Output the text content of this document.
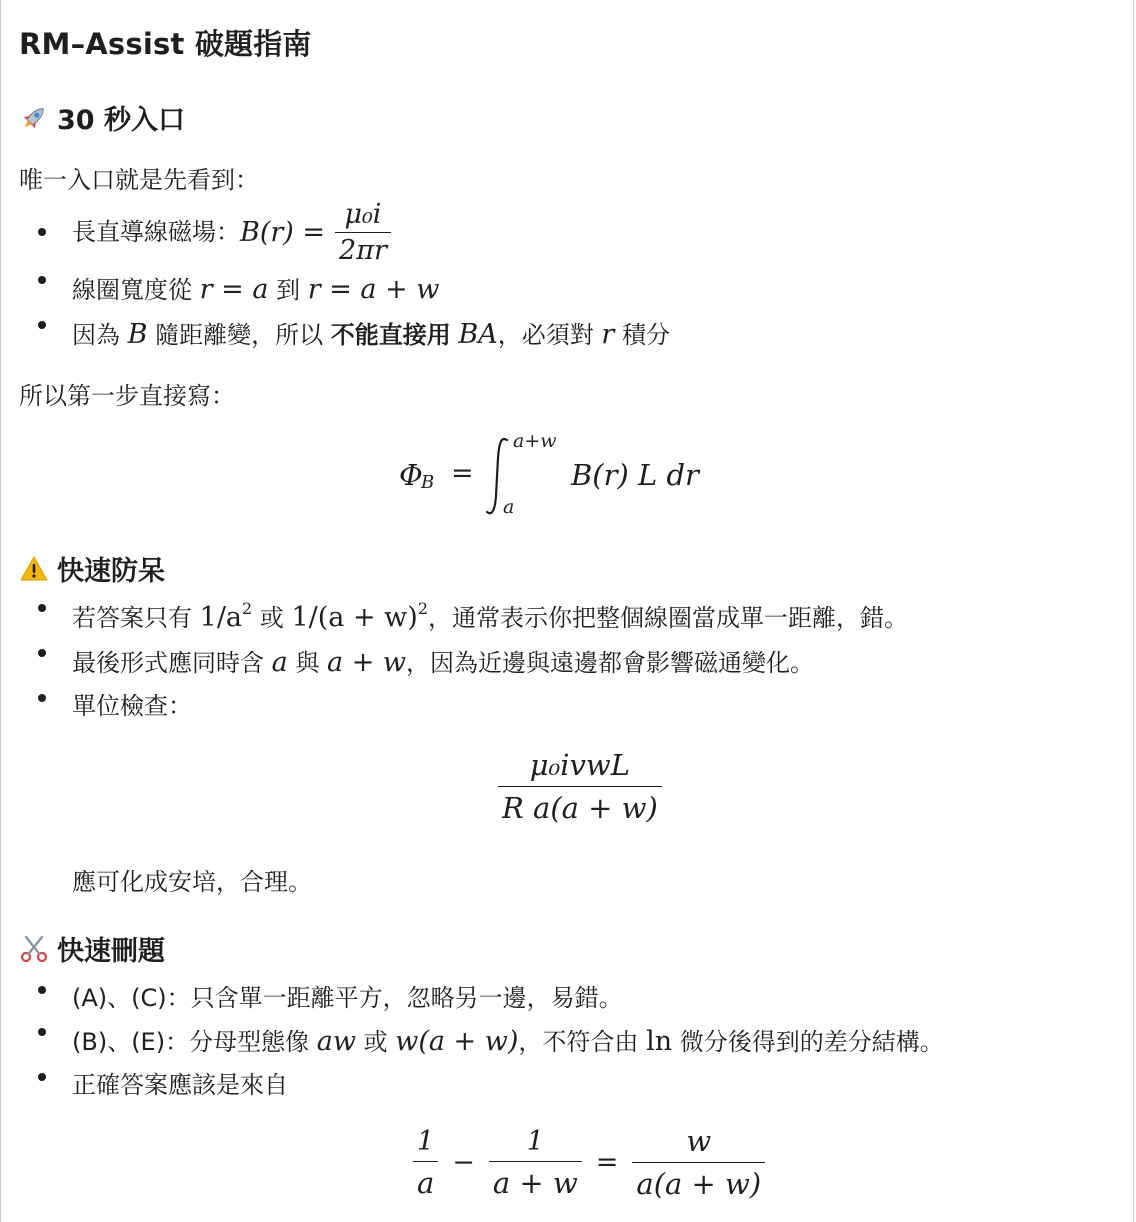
RM–Assist 破題指南
30 秒入口
唯一入口就是先看到：
長直導線磁場： $B(r) = \frac{\text{μ₀i}}{2\pi r}$
線圈寬度從 r = a 到 r = a + w
因為 B 隨距離變，所以 不能直接用 BA，必須對 r 積分
所以第一步直接寫：
Φ
B =
a+w
a
B(r) L dr
快速防呆
若答案只有 $1/a^2$ 或 $1/(a + w)^2$，通常表示你把整個線圈當成單一距離，錯。
最後形式應同時含 a 與 a + w，因為近邊與遠邊都會影響磁通變化。
單位檢查：
$\frac{\text{μ₀ivwL}}{\text{R a(a + w)}}$
應可化成安培，合理。
快速刪題
(A)、(C)：只含單一距離平方，忽略另一邊，易錯。
(B)、(E)：分母型態像 aw 或 w(a + w)，不符合由 ln 微分後得到的差分結構。
正確答案應該是來自
$\frac{1}{a} - \frac{1}{a + w} = \frac{w}{a(a + w)}$
